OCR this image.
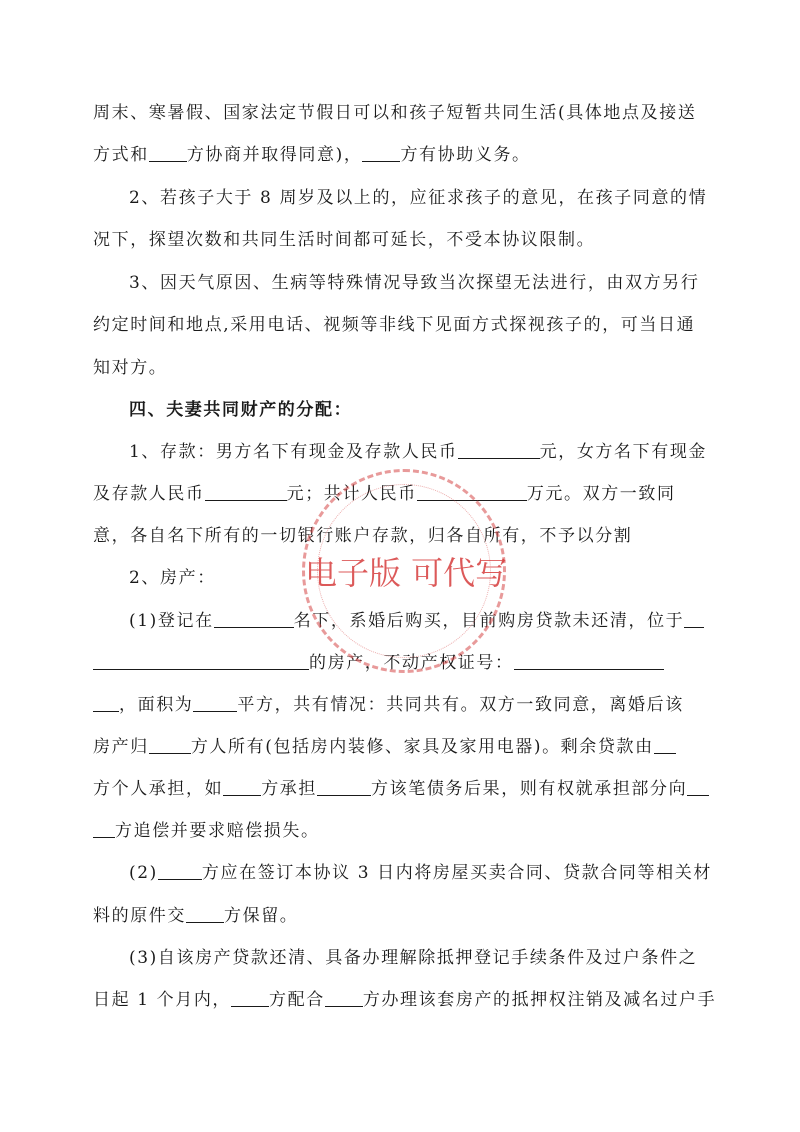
周末、寒暑假、国家法定节假日可以和孩子短暂共同生活(具体地点及接送
方式和 方协商并取得同意)， 方有协助义务。
2、若孩子大于 8 周岁及以上的，应征求孩子的意见，在孩子同意的情
况下，探望次数和共同生活时间都可延长，不受本协议限制。
3、因天气原因、生病等特殊情况导致当次探望无法进行，由双方另行
约定时间和地点,采用电话、视频等非线下见面方式探视孩子的，可当日通
知对方。
四、夫妻共同财产的分配：
1、存款：男方名下有现金及存款人民币	元，女方名下有现金
及存款人民币	元；共计人民币	万元。双方一致同
意，各自名下所有的一切银行账户存款，归各自所有，不予以分割
2、房产：
(1)登记在	名下，系婚后购买，目前购房贷款未还清，位于
的房产，不动产权证号：
，面积为	平方，共有情况：共同共有。双方一致同意，离婚后该
房产归 方人所有(包括房内装修、家具及家用电器)。剩余贷款由
方个人承担，如 方承担	方该笔债务后果，则有权就承担部分向
方追偿并要求赔偿损失。
(2)	方应在签订本协议 3 日内将房屋买卖合同、贷款合同等相关材
料的原件交 方保留。
(3)自该房产贷款还清、具备办理解除抵押登记手续条件及过户条件之
日起 1 个月内， 方配合 方办理该套房产的抵押权注销及减名过户手
电子版 可代写
